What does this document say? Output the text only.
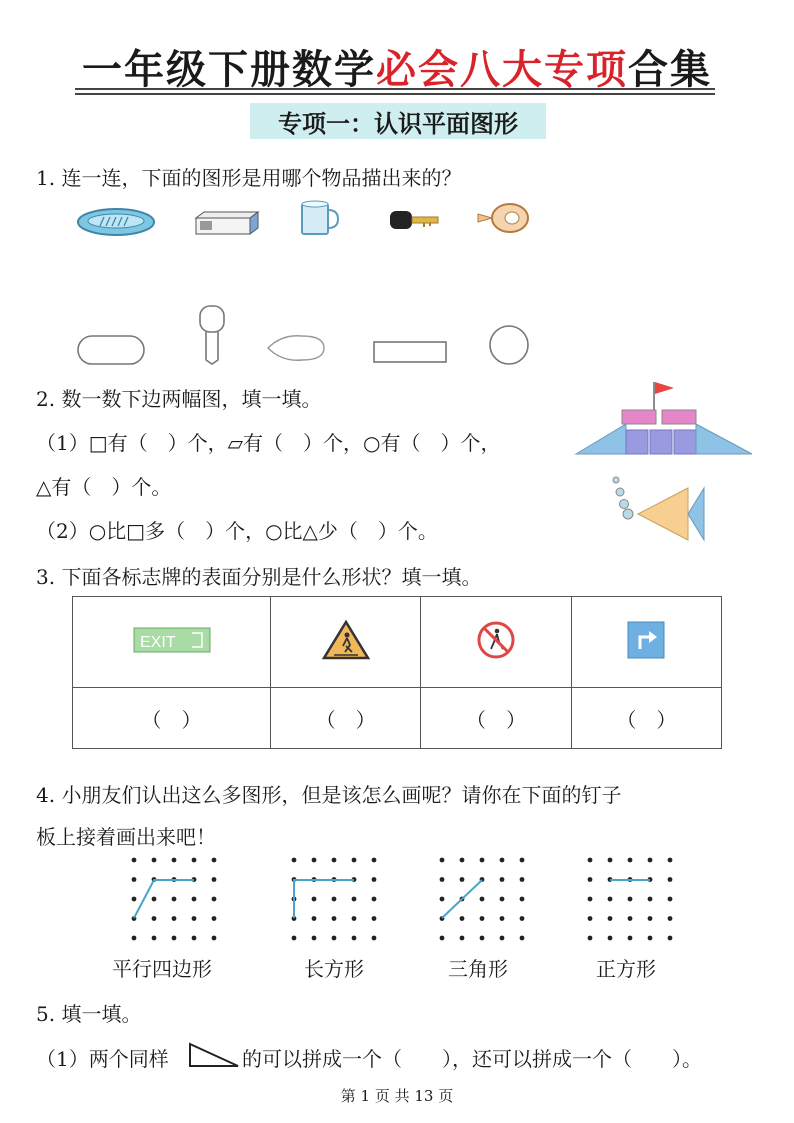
一年级下册数学必会八大专项合集
专项一：认识平面图形
1. 连一连，下面的图形是用哪个物品描出来的？
2. 数一数下边两幅图，填一填。
（1）□有（　）个，▱有（　）个，○有（　）个，
△有（　）个。
（2）○比□多（　）个，○比△少（　）个。
3. 下面各标志牌的表面分别是什么形状？填一填。
EXIT

（　）	（　）	（　）	（　）
4. 小朋友们认出这么多图形，但是该怎么画呢？请你在下面的钉子
板上接着画出来吧！
平行四边形	长方形	三角形	正方形
5. 填一填。
（1）两个同样	的可以拼成一个（　　），还可以拼成一个（　　）。
第 1 页 共 13 页
